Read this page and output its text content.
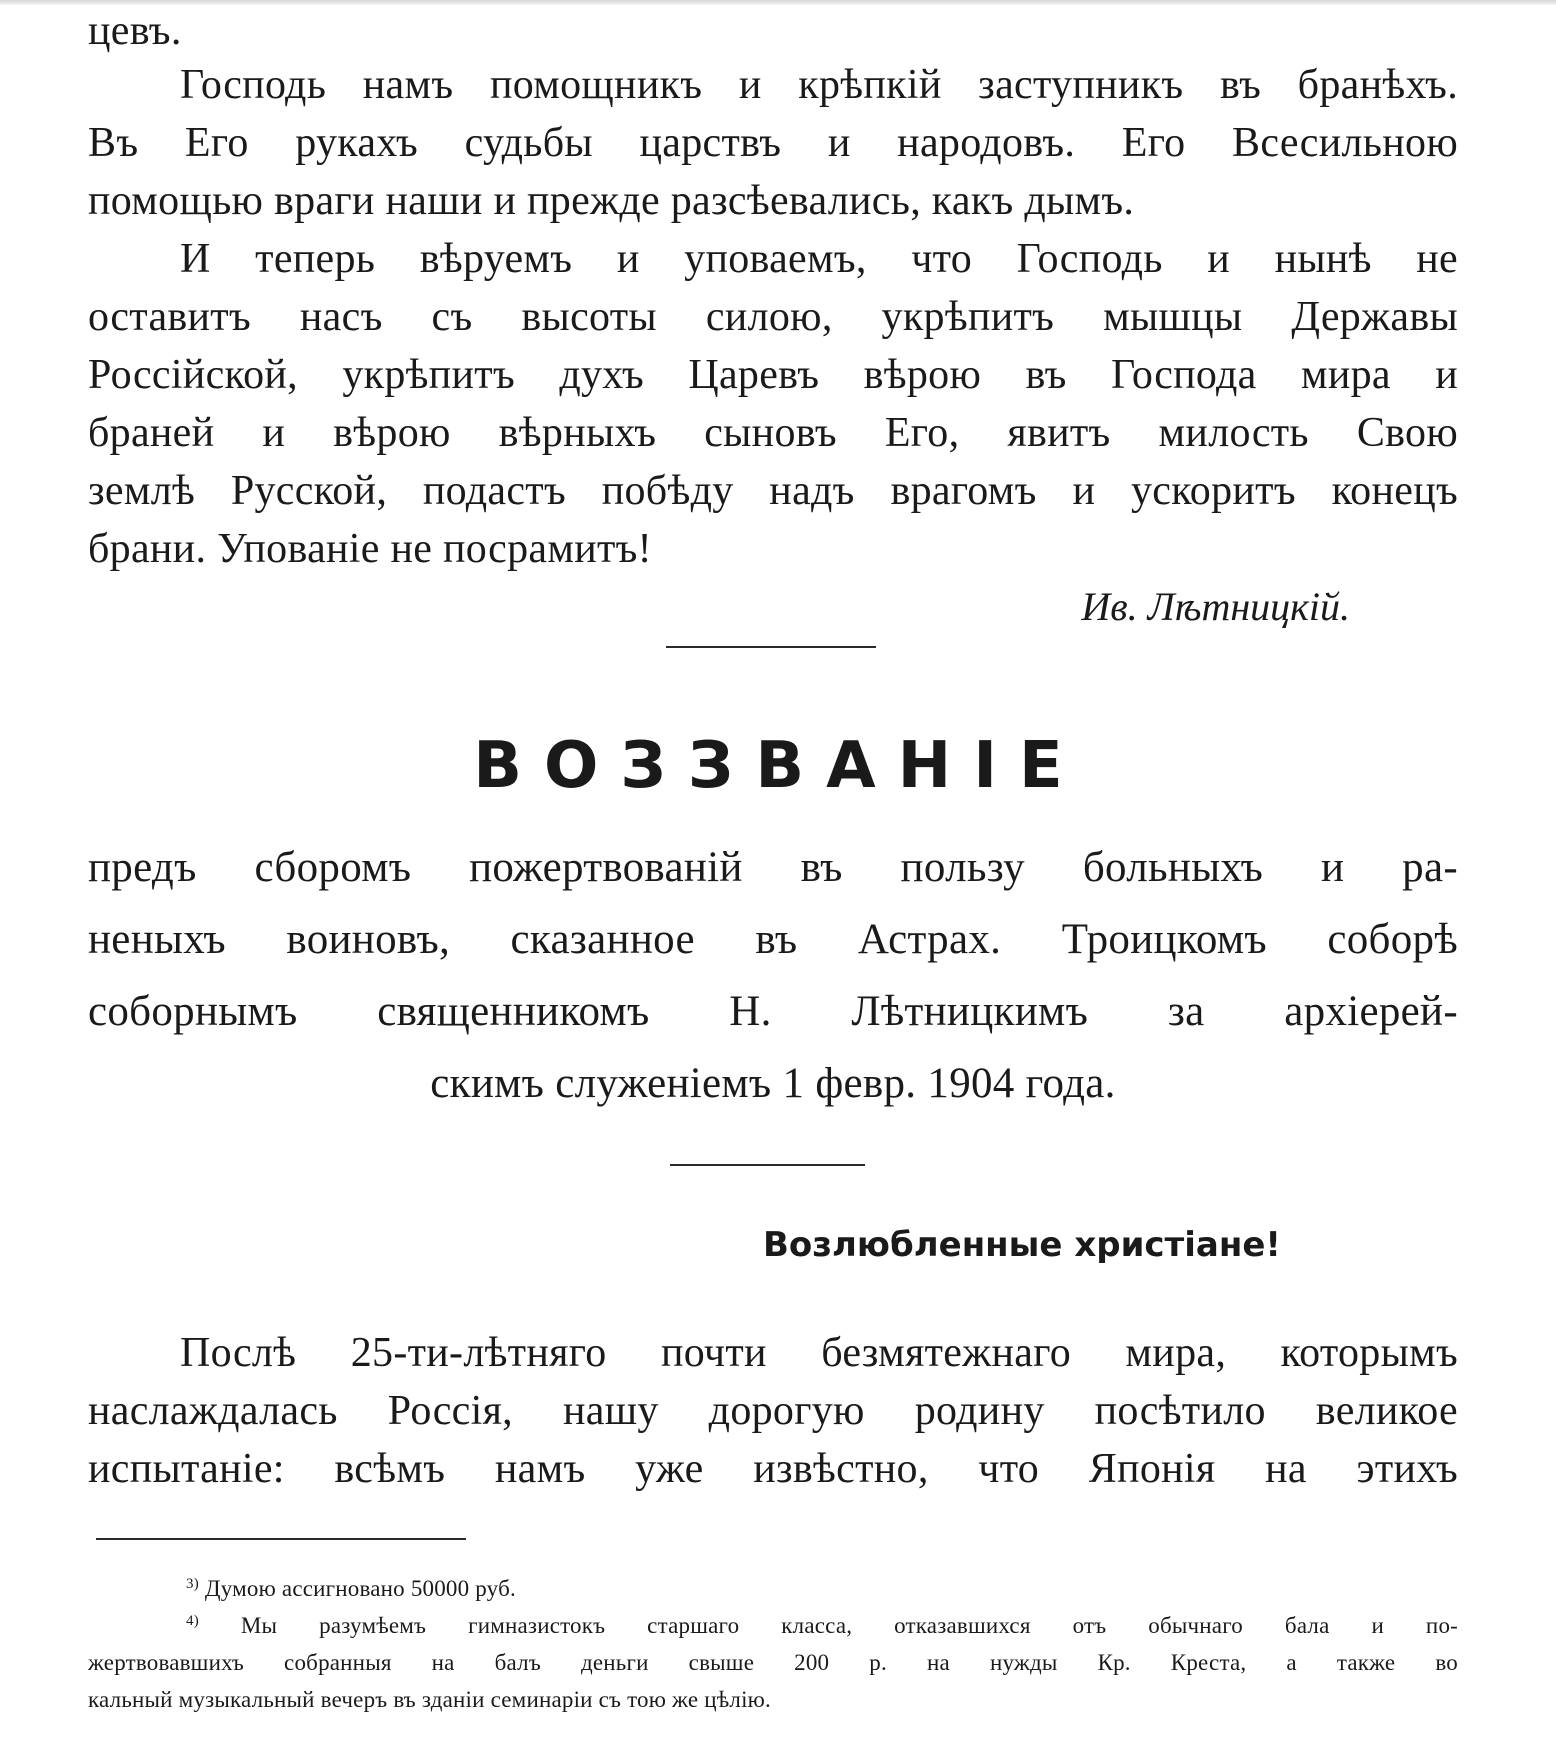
цевъ.
Господь намъ помощникъ и крѣпкій заступникъ въ бранѣхъ.
Въ Его рукахъ судьбы царствъ и народовъ. Его Всесильною
помощью враги наши и прежде разсѣевались, какъ дымъ.
И теперь вѣруемъ и уповаемъ, что Господь и нынѣ не
оставитъ насъ съ высоты силою, укрѣпитъ мышцы Державы
Россійской, укрѣпитъ духъ Царевъ вѣрою въ Господа мира и
браней и вѣрою вѣрныхъ сыновъ Его, явитъ милость Свою
землѣ Русской, подастъ побѣду надъ врагомъ и ускоритъ конецъ
брани. Упованіе не посрамитъ!
Ив. Лѣтницкій.
ВОЗЗВАНІЕ
предъ сборомъ пожертвованій въ пользу больныхъ и ра-
неныхъ воиновъ, сказанное въ Астрах. Троицкомъ соборѣ
соборнымъ священникомъ Н. Лѣтницкимъ за архіерей-
скимъ служеніемъ 1 февр. 1904 года.
Возлюбленные христіане!
Послѣ 25-ти-лѣтняго почти безмятежнаго мира, которымъ
наслаждалась Россія, нашу дорогую родину посѣтило великое
испытаніе: всѣмъ намъ уже извѣстно, что Японія на этихъ
$^{3)}$ Думою ассигновано 50000 руб.
$^{4)}$ Мы разумѣемъ гимназистокъ старшаго класса, отказавшихся отъ обычнаго бала и по-
жертвовавшихъ собранныя на балъ деньги свыше 200 р. на нужды Кр. Креста, а также во
кальный музыкальный вечеръ въ зданіи семинаріи съ тою же цѣлію.
